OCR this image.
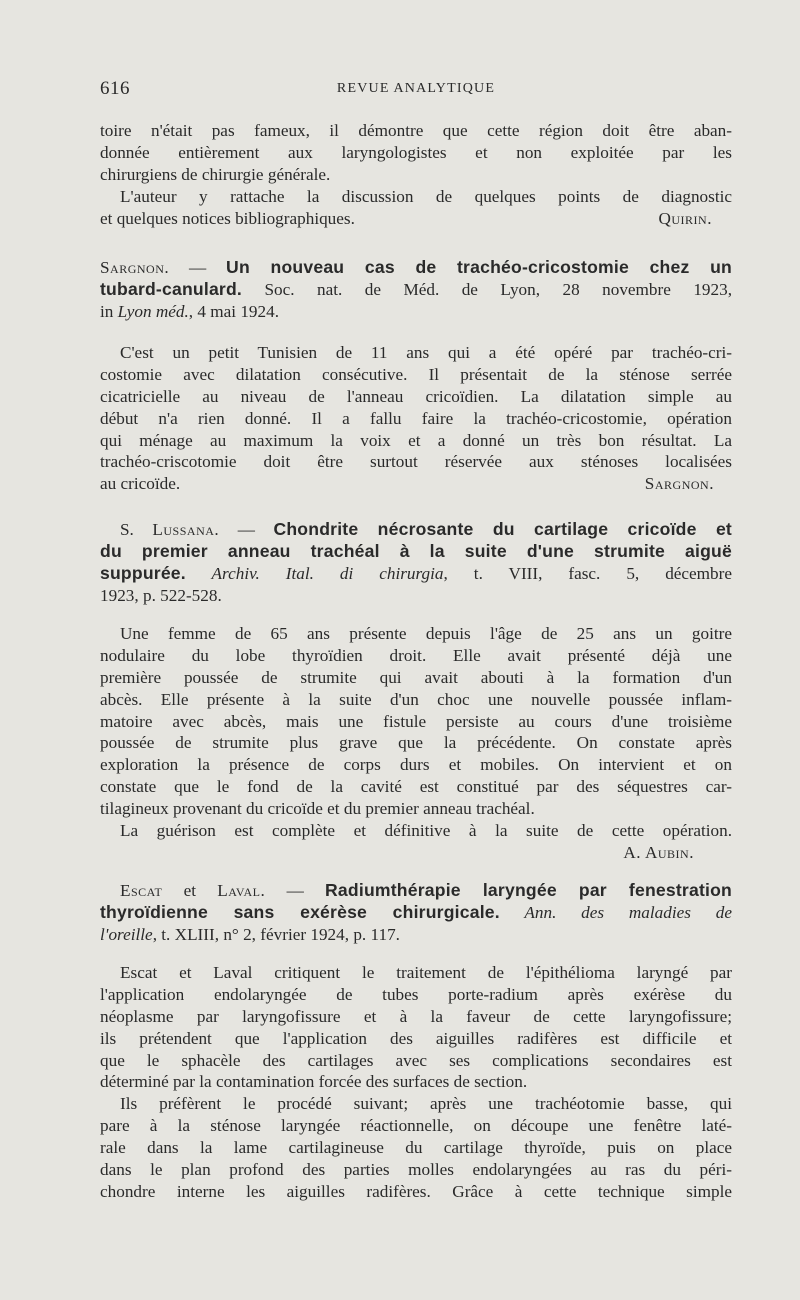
616	REVUE ANALYTIQUE
toire n'était pas fameux, il démontre que cette région doit être aban-
donnée entièrement aux laryngologistes et non exploitée par les
chirurgiens de chirurgie générale.
L'auteur y rattache la discussion de quelques points de diagnostic
et quelques notices bibliographiques.	Quirin.
Sargnon. — Un nouveau cas de trachéo-cricostomie chez un
tubard-canulard. Soc. nat. de Méd. de Lyon, 28 novembre 1923,
in Lyon méd., 4 mai 1924.
C'est un petit Tunisien de 11 ans qui a été opéré par trachéo-cri-
costomie avec dilatation consécutive. Il présentait de la sténose serrée
cicatricielle au niveau de l'anneau cricoïdien. La dilatation simple au
début n'a rien donné. Il a fallu faire la trachéo-cricostomie, opération
qui ménage au maximum la voix et a donné un très bon résultat. La
trachéo-criscotomie doit être surtout réservée aux sténoses localisées
au cricoïde.	Sargnon.
S. Lussana. — Chondrite nécrosante du cartilage cricoïde et
du premier anneau trachéal à la suite d'une strumite aiguë
suppurée. Archiv. Ital. di chirurgia, t. VIII, fasc. 5, décembre
1923, p. 522-528.
Une femme de 65 ans présente depuis l'âge de 25 ans un goitre
nodulaire du lobe thyroïdien droit. Elle avait présenté déjà une
première poussée de strumite qui avait abouti à la formation d'un
abcès. Elle présente à la suite d'un choc une nouvelle poussée inflam-
matoire avec abcès, mais une fistule persiste au cours d'une troisième
poussée de strumite plus grave que la précédente. On constate après
exploration la présence de corps durs et mobiles. On intervient et on
constate que le fond de la cavité est constitué par des séquestres car-
tilagineux provenant du cricoïde et du premier anneau trachéal.
La guérison est complète et définitive à la suite de cette opération.
A. Aubin.
Escat et Laval. — Radiumthérapie laryngée par fenestration
thyroïdienne sans exérèse chirurgicale. Ann. des maladies de
l'oreille, t. XLIII, n° 2, février 1924, p. 117.
Escat et Laval critiquent le traitement de l'épithélioma laryngé par
l'application endolaryngée de tubes porte-radium après exérèse du
néoplasme par laryngofissure et à la faveur de cette laryngofissure;
ils prétendent que l'application des aiguilles radifères est difficile et
que le sphacèle des cartilages avec ses complications secondaires est
déterminé par la contamination forcée des surfaces de section.
Ils préfèrent le procédé suivant; après une trachéotomie basse, qui
pare à la sténose laryngée réactionnelle, on découpe une fenêtre laté-
rale dans la lame cartilagineuse du cartilage thyroïde, puis on place
dans le plan profond des parties molles endolaryngées au ras du péri-
chondre interne les aiguilles radifères. Grâce à cette technique simple
